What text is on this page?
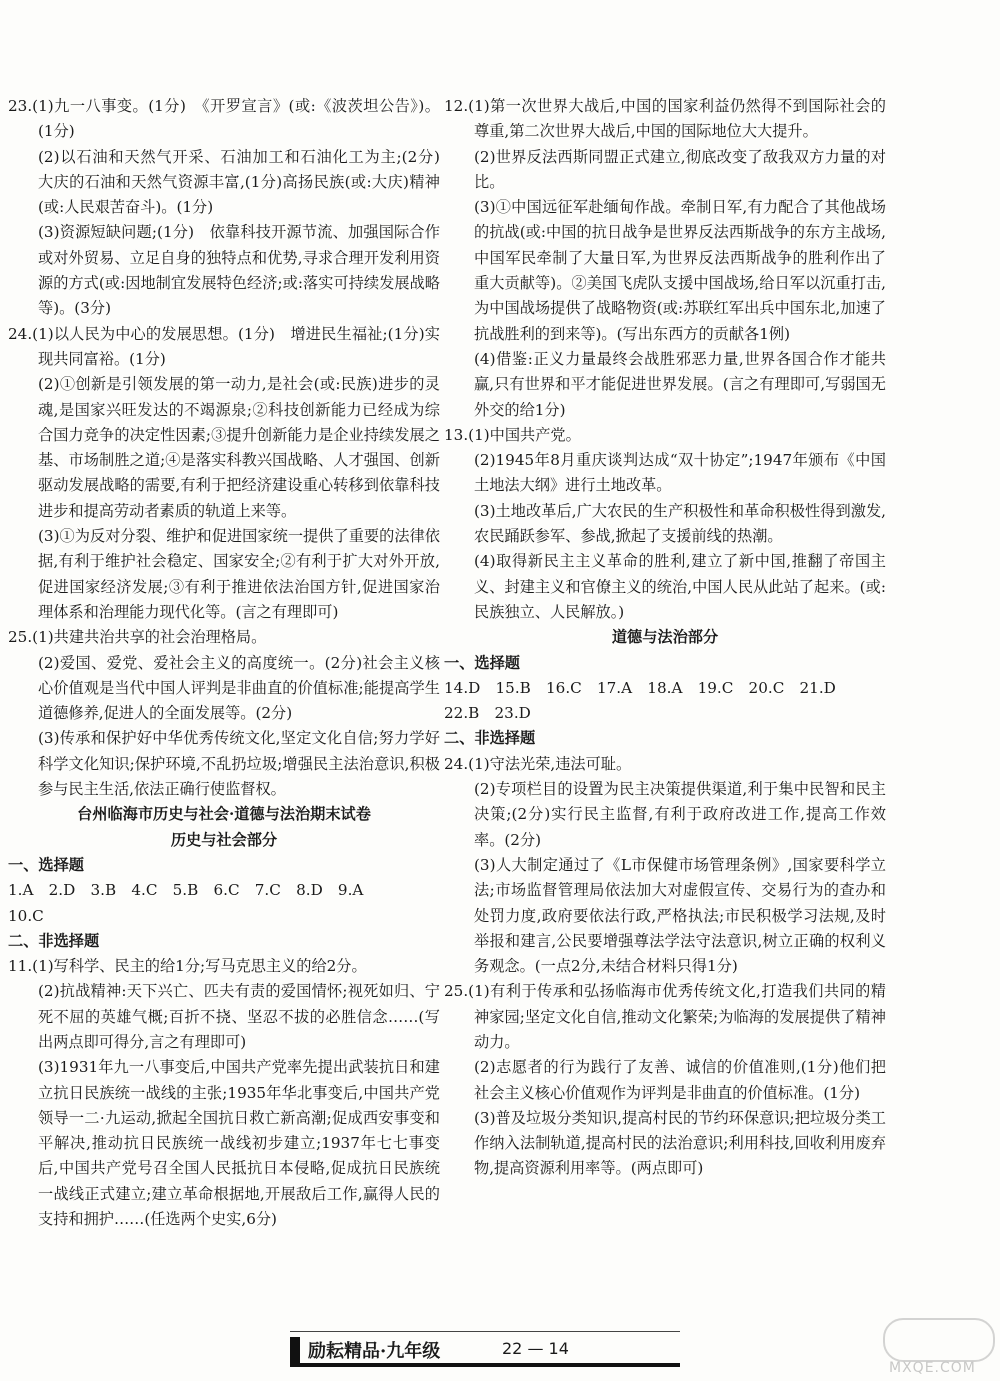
23.(1)九一八事变。(1分)　《开罗宣言》(或:《波茨坦公告》)。(1分)

(2)以石油和天然气开采、石油加工和石油化工为主;(2分)　大庆的石油和天然气资源丰富,(1分)高扬民族(或:大庆)精神(或:人民艰苦奋斗)。(1分)

(3)资源短缺问题;(1分)　依靠科技开源节流、加强国际合作或对外贸易、立足自身的独特点和优势,寻求合理开发利用资源的方式(或:因地制宜发展特色经济;或:落实可持续发展战略等)。(3分)

24.(1)以人民为中心的发展思想。(1分)　增进民生福祉;(1分)实现共同富裕。(1分)

(2)①创新是引领发展的第一动力,是社会(或:民族)进步的灵魂,是国家兴旺发达的不竭源泉;②科技创新能力已经成为综合国力竞争的决定性因素;③提升创新能力是企业持续发展之基、市场制胜之道;④是落实科教兴国战略、人才强国、创新驱动发展战略的需要,有利于把经济建设重心转移到依靠科技进步和提高劳动者素质的轨道上来等。

(3)①为反对分裂、维护和促进国家统一提供了重要的法律依据,有利于维护社会稳定、国家安全;②有利于扩大对外开放,促进国家经济发展;③有利于推进依法治国方针,促进国家治理体系和治理能力现代化等。(言之有理即可)

25.(1)共建共治共享的社会治理格局。

(2)爱国、爱党、爱社会主义的高度统一。(2分)社会主义核心价值观是当代中国人评判是非曲直的价值标准;能提高学生道德修养,促进人的全面发展等。(2分)

(3)传承和保护好中华优秀传统文化,坚定文化自信;努力学好科学文化知识;保护环境,不乱扔垃圾;增强民主法治意识,积极参与民主生活,依法正确行使监督权。

台州临海市历史与社会·道德与法治期末试卷

历史与社会部分

一、选择题

1.A　2.D　3.B　4.C　5.B　6.C　7.C　8.D　9.A

10.C

二、非选择题

11.(1)写科学、民主的给1分;写马克思主义的给2分。

(2)抗战精神:天下兴亡、匹夫有责的爱国情怀;视死如归、宁死不屈的英雄气概;百折不挠、坚忍不拔的必胜信念……(写出两点即可得分,言之有理即可)

(3)1931年九一八事变后,中国共产党率先提出武装抗日和建立抗日民族统一战线的主张;1935年华北事变后,中国共产党领导一二·九运动,掀起全国抗日救亡新高潮;促成西安事变和平解决,推动抗日民族统一战线初步建立;1937年七七事变后,中国共产党号召全国人民抵抗日本侵略,促成抗日民族统一战线正式建立;建立革命根据地,开展敌后工作,赢得人民的支持和拥护……(任选两个史实,6分)

12.(1)第一次世界大战后,中国的国家利益仍然得不到国际社会的尊重,第二次世界大战后,中国的国际地位大大提升。

(2)世界反法西斯同盟正式建立,彻底改变了敌我双方力量的对比。

(3)①中国远征军赴缅甸作战。牵制日军,有力配合了其他战场的抗战(或:中国的抗日战争是世界反法西斯战争的东方主战场,中国军民牵制了大量日军,为世界反法西斯战争的胜利作出了重大贡献等)。②美国飞虎队支援中国战场,给日军以沉重打击,为中国战场提供了战略物资(或:苏联红军出兵中国东北,加速了抗战胜利的到来等)。(写出东西方的贡献各1例)

(4)借鉴:正义力量最终会战胜邪恶力量,世界各国合作才能共赢,只有世界和平才能促进世界发展。(言之有理即可,写弱国无外交的给1分)

13.(1)中国共产党。

(2)1945年8月重庆谈判达成“双十协定”;1947年颁布《中国土地法大纲》进行土地改革。

(3)土地改革后,广大农民的生产积极性和革命积极性得到激发,农民踊跃参军、参战,掀起了支援前线的热潮。

(4)取得新民主主义革命的胜利,建立了新中国,推翻了帝国主义、封建主义和官僚主义的统治,中国人民从此站了起来。(或:民族独立、人民解放。)

道德与法治部分

一、选择题

14.D　15.B　16.C　17.A　18.A　19.C　20.C　21.D

22.B　23.D

二、非选择题

24.(1)守法光荣,违法可耻。

(2)专项栏目的设置为民主决策提供渠道,利于集中民智和民主决策;(2分)实行民主监督,有利于政府改进工作,提高工作效率。(2分)

(3)人大制定通过了《L市保健市场管理条例》,国家要科学立法;市场监督管理局依法加大对虚假宣传、交易行为的查办和处罚力度,政府要依法行政,严格执法;市民积极学习法规,及时举报和建言,公民要增强尊法学法守法意识,树立正确的权利义务观念。(一点2分,未结合材料只得1分)

25.(1)有利于传承和弘扬临海市优秀传统文化,打造我们共同的精神家园;坚定文化自信,推动文化繁荣;为临海的发展提供了精神动力。

(2)志愿者的行为践行了友善、诚信的价值准则,(1分)他们把社会主义核心价值观作为评判是非曲直的价值标准。(1分)

(3)普及垃圾分类知识,提高村民的节约环保意识;把垃圾分类工作纳入法制轨道,提高村民的法治意识;利用科技,回收利用废弃物,提高资源利用率等。(两点即可)

励耘精品·九年级	22 — 14
MXQE.COM
